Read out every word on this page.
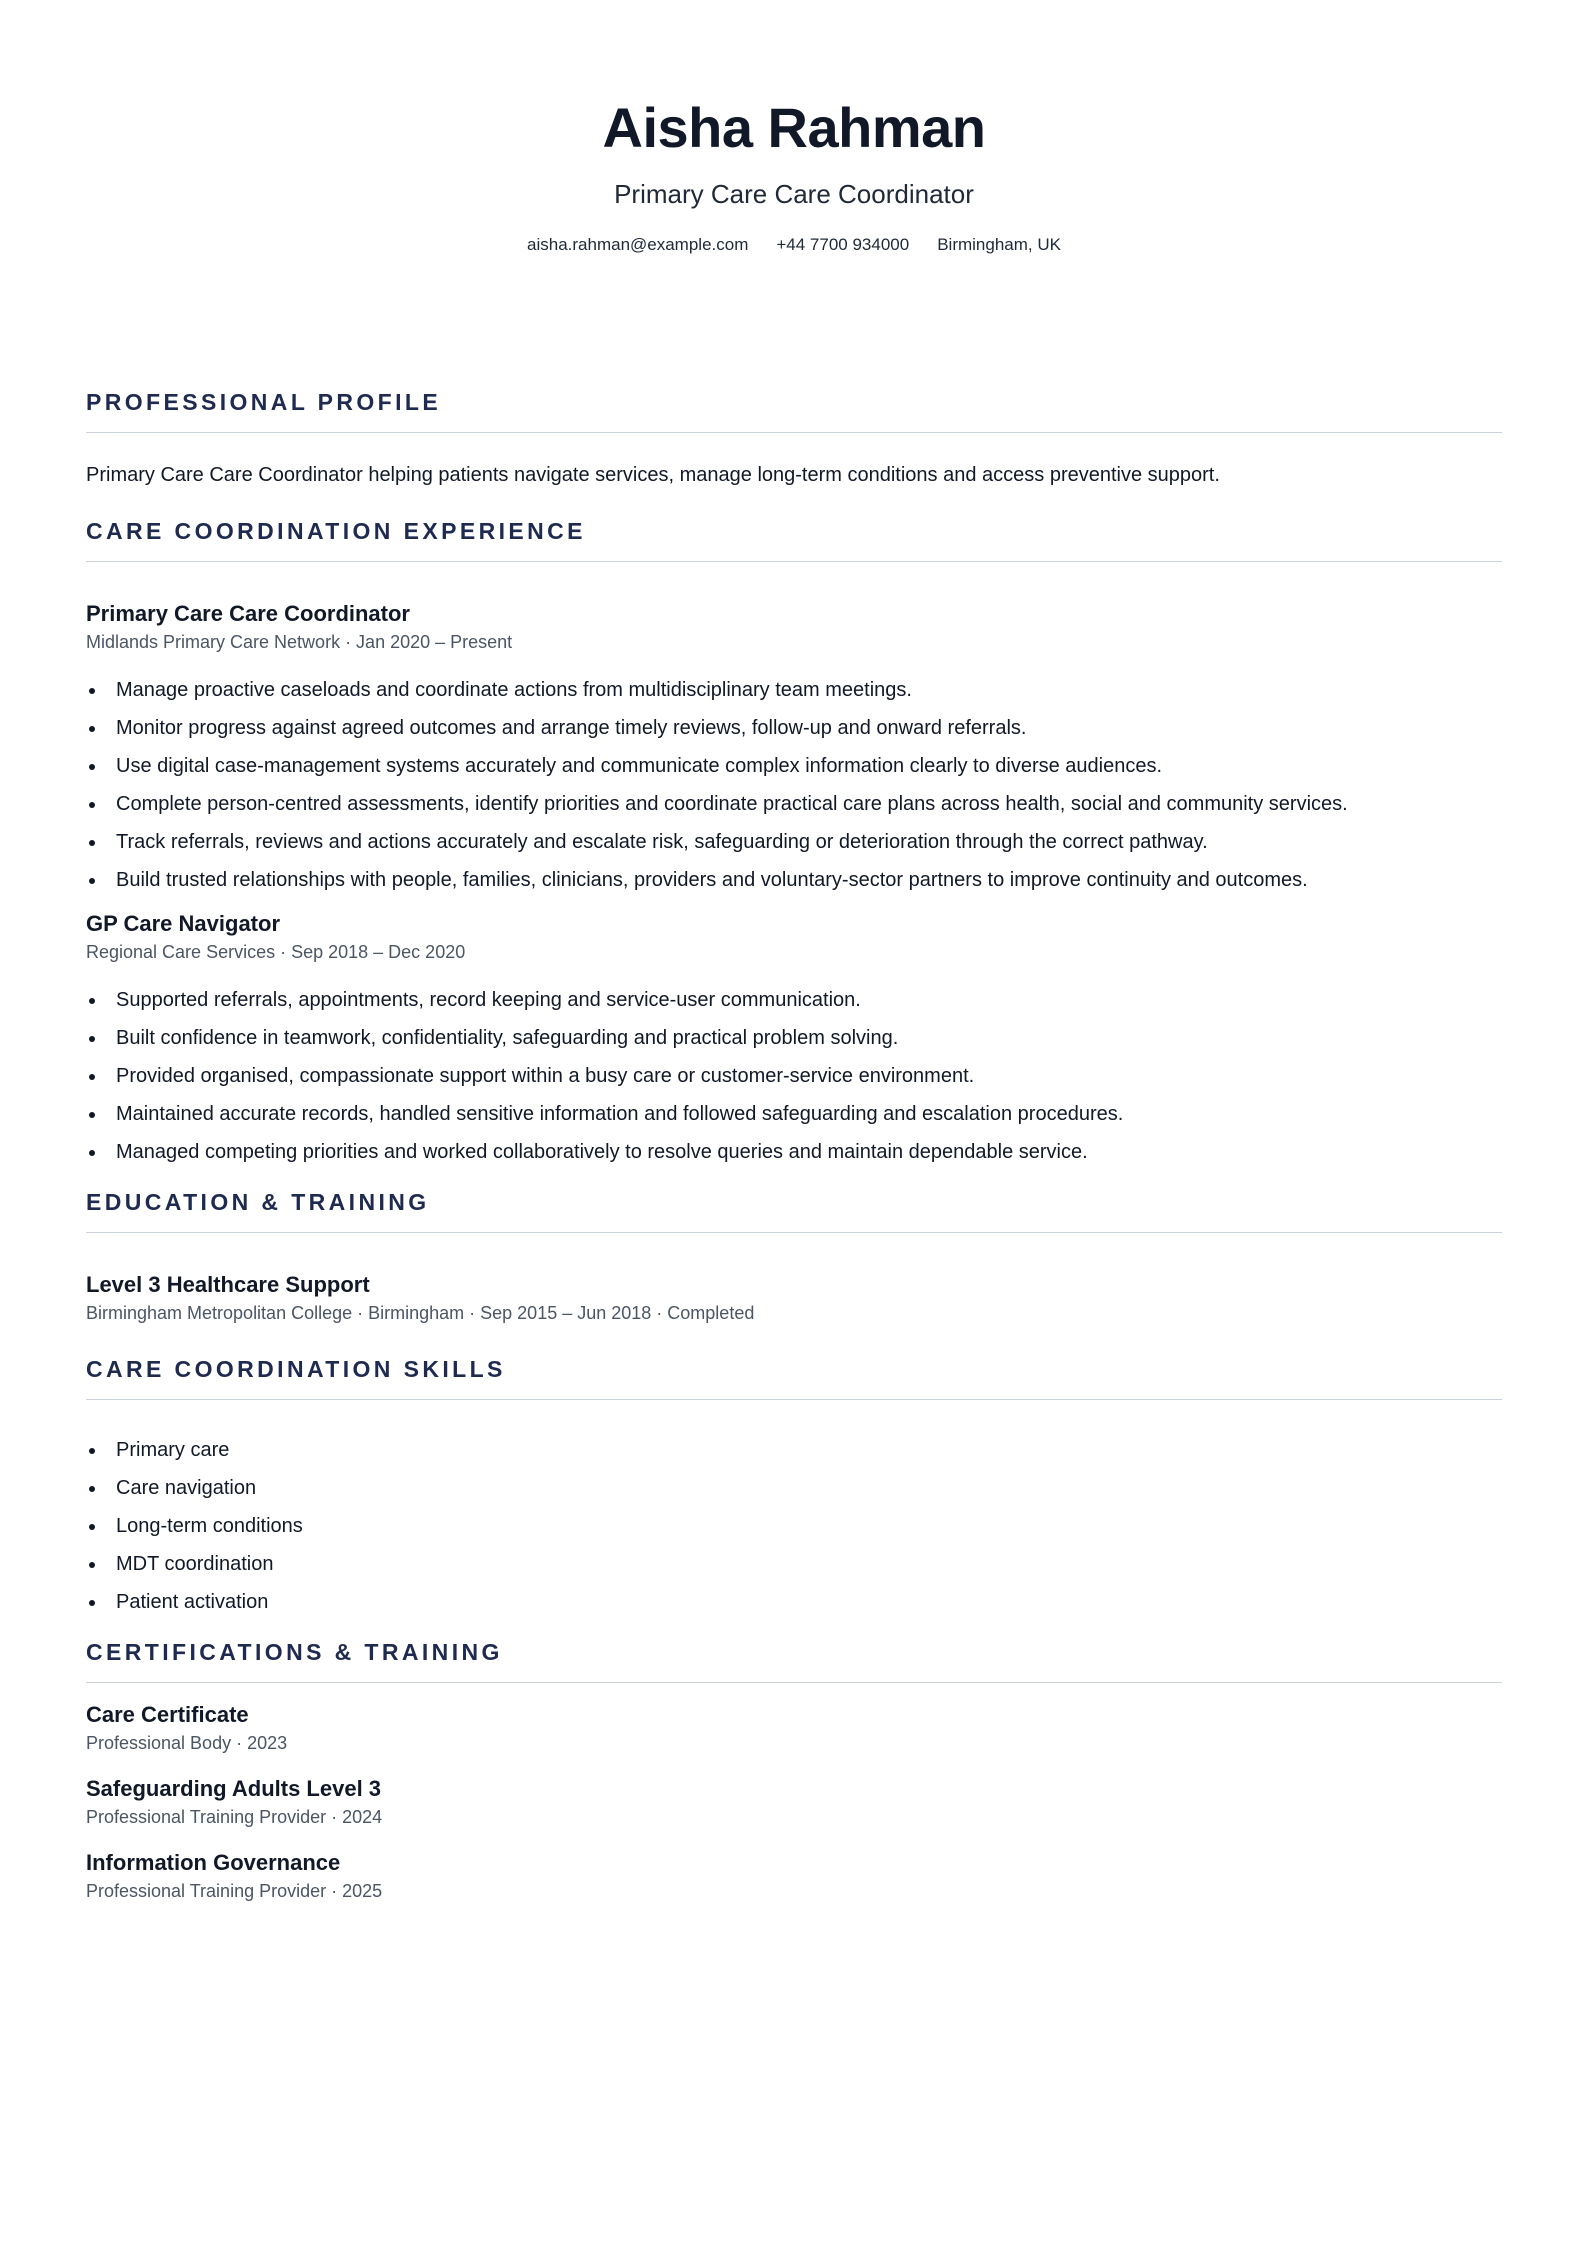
Aisha Rahman
Primary Care Care Coordinator
aisha.rahman@example.com +44 7700 934000 Birmingham, UK
PROFESSIONAL PROFILE

Primary Care Care Coordinator helping patients navigate services, manage long-term conditions and access preventive support.

CARE COORDINATION EXPERIENCE
Primary Care Care Coordinator
Midlands Primary Care Network · Jan 2020 – Present
Manage proactive caseloads and coordinate actions from multidisciplinary team meetings.
Monitor progress against agreed outcomes and arrange timely reviews, follow-up and onward referrals.
Use digital case-management systems accurately and communicate complex information clearly to diverse audiences.
Complete person-centred assessments, identify priorities and coordinate practical care plans across health, social and community services.
Track referrals, reviews and actions accurately and escalate risk, safeguarding or deterioration through the correct pathway.
Build trusted relationships with people, families, clinicians, providers and voluntary-sector partners to improve continuity and outcomes.
GP Care Navigator
Regional Care Services · Sep 2018 – Dec 2020
Supported referrals, appointments, record keeping and service-user communication.
Built confidence in teamwork, confidentiality, safeguarding and practical problem solving.
Provided organised, compassionate support within a busy care or customer-service environment.
Maintained accurate records, handled sensitive information and followed safeguarding and escalation procedures.
Managed competing priorities and worked collaboratively to resolve queries and maintain dependable service.
EDUCATION & TRAINING
Level 3 Healthcare Support
Birmingham Metropolitan College · Birmingham · Sep 2015 – Jun 2018 · Completed
CARE COORDINATION SKILLS
Primary care
Care navigation
Long-term conditions
MDT coordination
Patient activation
CERTIFICATIONS & TRAINING
Care Certificate
Professional Body · 2023
Safeguarding Adults Level 3
Professional Training Provider · 2024
Information Governance
Professional Training Provider · 2025
